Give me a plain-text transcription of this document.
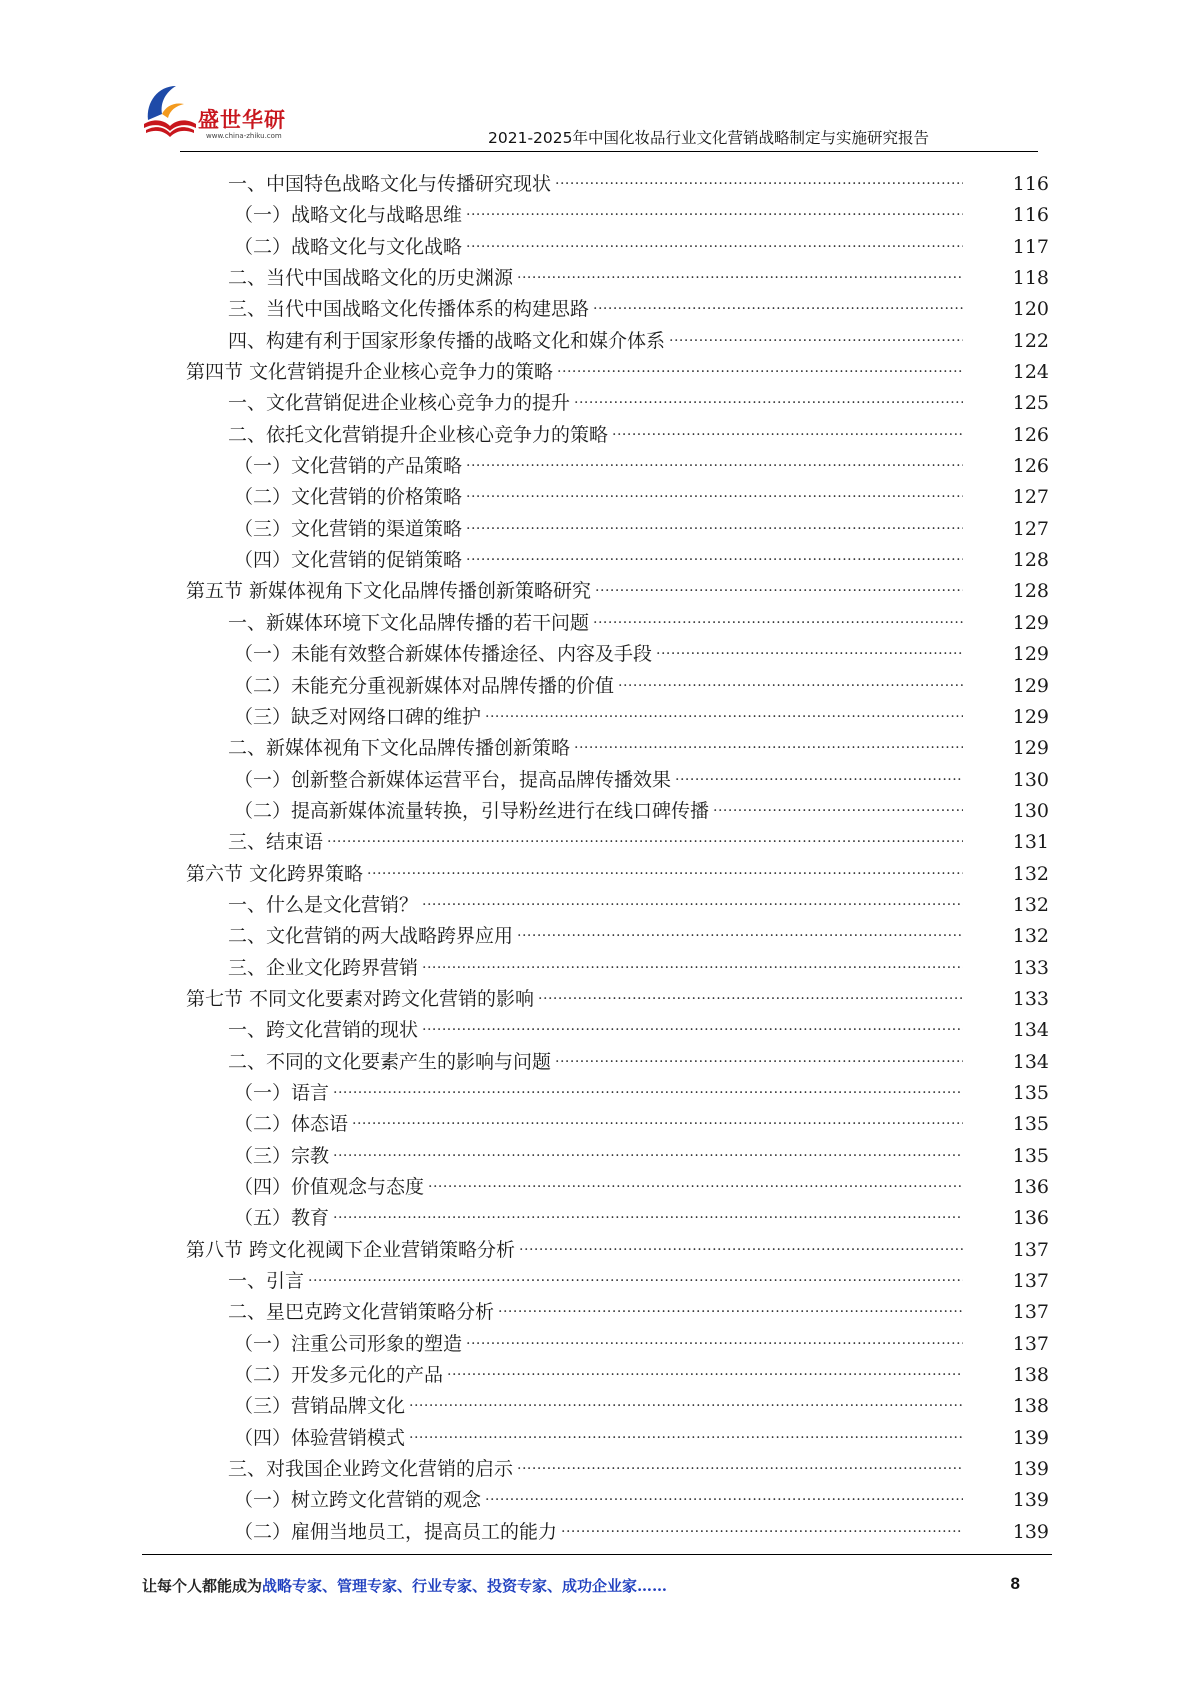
盛世华研
www.china-zhiku.com	2021-2025年中国化妆品行业文化营销战略制定与实施研究报告
一、中国特色战略文化与传播研究现状 .....	116
（一）战略文化与战略思维 .....	116
（二）战略文化与文化战略 .....	117
二、当代中国战略文化的历史渊源 .....	118
三、当代中国战略文化传播体系的构建思路 .....	120
四、构建有利于国家形象传播的战略文化和媒介体系 .....	122
第四节 文化营销提升企业核心竞争力的策略 .....	124
一、文化营销促进企业核心竞争力的提升 .....	125
二、依托文化营销提升企业核心竞争力的策略 .....	126
（一）文化营销的产品策略 .....	126
（二）文化营销的价格策略 .....	127
（三）文化营销的渠道策略 .....	127
（四）文化营销的促销策略 .....	128
第五节 新媒体视角下文化品牌传播创新策略研究 .....	128
一、新媒体环境下文化品牌传播的若干问题 .....	129
（一）未能有效整合新媒体传播途径、内容及手段 .....	129
（二）未能充分重视新媒体对品牌传播的价值 .....	129
（三）缺乏对网络口碑的维护 .....	129
二、新媒体视角下文化品牌传播创新策略 .....	129
（一）创新整合新媒体运营平台，提高品牌传播效果 .....	130
（二）提高新媒体流量转换，引导粉丝进行在线口碑传播 .....	130
三、结束语 .....	131
第六节 文化跨界策略 .....	132
一、什么是文化营销？ .....	132
二、文化营销的两大战略跨界应用 .....	132
三、企业文化跨界营销 .....	133
第七节 不同文化要素对跨文化营销的影响 .....	133
一、跨文化营销的现状 .....	134
二、不同的文化要素产生的影响与问题 .....	134
（一）语言 .....	135
（二）体态语 .....	135
（三）宗教 .....	135
（四）价值观念与态度 .....	136
（五）教育 .....	136
第八节 跨文化视阈下企业营销策略分析 .....	137
一、引言 .....	137
二、星巴克跨文化营销策略分析 .....	137
（一）注重公司形象的塑造 .....	137
（二）开发多元化的产品 .....	138
（三）营销品牌文化 .....	138
（四）体验营销模式 .....	139
三、对我国企业跨文化营销的启示 .....	139
（一）树立跨文化营销的观念 .....	139
（二）雇佣当地员工，提高员工的能力 .....	139
让每个人都能成为战略专家、管理专家、行业专家、投资专家、成功企业家……	8
